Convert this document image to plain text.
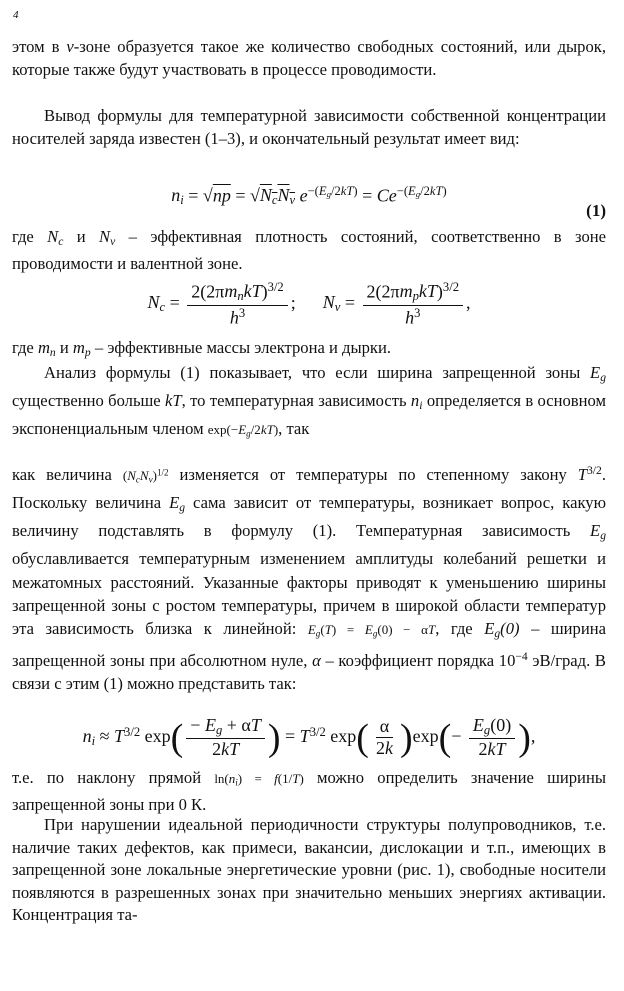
4
этом в v-зоне образуется такое же количество свободных состояний, или дырок, которые также будут участвовать в процессе проводимости.
Вывод формулы для температурной зависимости собственной концентрации носителей заряда известен (1–3), и окончательный результат имеет вид:
$n_i = √np = √N_cN_v$ $e^{-(E_g/2kT)} = Ce^{-(E_g/2kT)}$
(1)
где $N_c$ и $N_v$ – эффективная плотность состояний, соответственно в зоне проводимости и валентной зоне.
$N_c = \frac{2(2\pi m_nkT)^{3/2}}{h^3}$ ;      $N_v = \frac{2(2\pi m_pkT)^{3/2}}{h^3}$ ,
где $m_n$ и $m_p$ – эффективные массы электрона и дырки.
Анализ формулы (1) показывает, что если ширина запрещенной зоны $E_g$ существенно больше kT, то температурная зависимость $n_i$ определяется в основном экспоненциальным членом $\exp(-E_g/2kT)$, так
как величина $(N_cN_v)^{1/2}$ изменяется от температуры по степенному закону $T^{3/2}$. Поскольку величина $E_g$ сама зависит от температуры, возникает вопрос, какую величину подставлять в формулу (1). Температурная зависимость $E_g$ обуславливается температурным изменением амплитуды колебаний решетки и межатомных расстояний. Указанные факторы приводят к уменьшению ширины запрещенной зоны с ростом температуры, причем в широкой области температур эта зависимость близка к линейной: $E_g(T) = E_g(0) - \alpha T$, где $E_g(0)$ – ширина запрещенной зоны при абсолютном нуле, α – коэффициент порядка $10^{-4}$ эВ/град. В связи с этим (1) можно представить так:
$n_i \approx T^{3/2}$ $\exp( \frac{- E_g + \alpha T}{2kT}$ ) = $T^{3/2}$ $\exp( \frac{\alpha}{2k} )\exp(- \frac{E_g(0)}{2kT}$ ),
т.е. по наклону прямой $\ln(n_i) = f(1/T)$ можно определить значение ширины запрещенной зоны при 0 К.
При нарушении идеальной периодичности структуры полупроводников, т.е. наличие таких дефектов, как примеси, вакансии, дислокации и т.п., имеющих в запрещенной зоне локальные энергетические уровни (рис. 1), свободные носители появляются в разрешенных зонах при значительно меньших энергиях активации. Концентрация та-
